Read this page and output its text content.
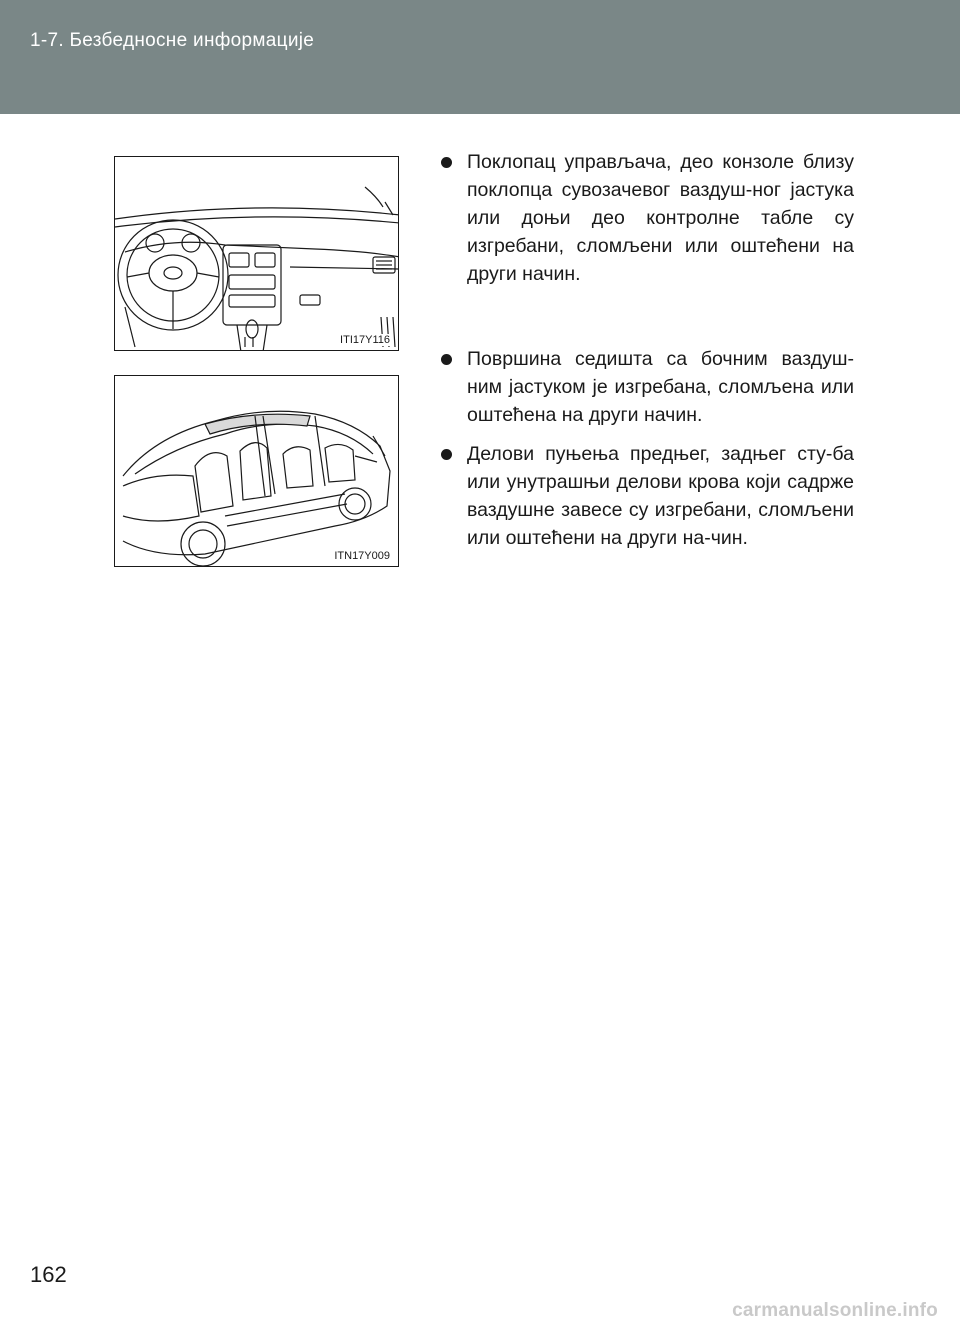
1-7. Безбедносне информације
ITI17Y116
ITN17Y009
Поклопац управљача, део конзоле близу поклопца сувозачевог ваздуш-ног јастука или доњи део контролне табле су изгребани, сломљени или оштећени на други начин.
Површина седишта са бочним ваздуш-ним јастуком је изгребана, сломљена или оштећена на други начин.
Делови пуњења предњег, задњег сту-ба или унутрашњи делови крова који садрже ваздушне завесе су изгребани, сломљени или оштећени на други на-чин.
162
carmanualsonline.info
